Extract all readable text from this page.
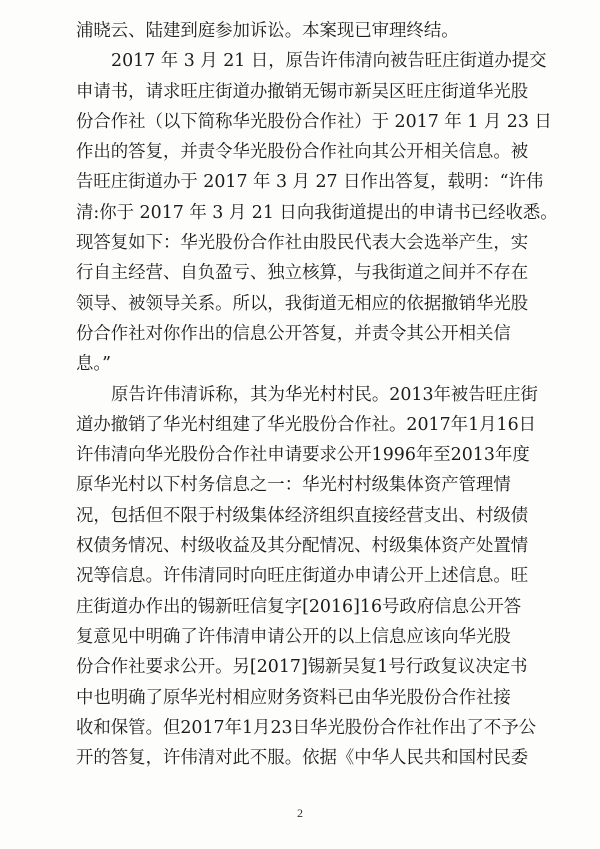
浦晓云、陆建到庭参加诉讼。本案现已审理终结。
2017 年 3 月 21 日，原告许伟清向被告旺庄街道办提交
申请书，请求旺庄街道办撤销无锡市新吴区旺庄街道华光股
份合作社（以下简称华光股份合作社）于 2017 年 1 月 23 日
作出的答复，并责令华光股份合作社向其公开相关信息。被
告旺庄街道办于 2017 年 3 月 27 日作出答复，载明：“许伟
清:你于 2017 年 3 月 21 日向我街道提出的申请书已经收悉。
现答复如下：华光股份合作社由股民代表大会选举产生，实
行自主经营、自负盈亏、独立核算，与我街道之间并不存在
领导、被领导关系。所以，我街道无相应的依据撤销华光股
份合作社对你作出的信息公开答复，并责令其公开相关信
息。”
原告许伟清诉称，其为华光村村民。2013年被告旺庄街
道办撤销了华光村组建了华光股份合作社。2017年1月16日
许伟清向华光股份合作社申请要求公开1996年至2013年度
原华光村以下村务信息之一：华光村村级集体资产管理情
况，包括但不限于村级集体经济组织直接经营支出、村级债
权债务情况、村级收益及其分配情况、村级集体资产处置情
况等信息。许伟清同时向旺庄街道办申请公开上述信息。旺
庄街道办作出的锡新旺信复字[2016]16号政府信息公开答
复意见中明确了许伟清申请公开的以上信息应该向华光股
份合作社要求公开。另[2017]锡新吴复1号行政复议决定书
中也明确了原华光村相应财务资料已由华光股份合作社接
收和保管。但2017年1月23日华光股份合作社作出了不予公
开的答复，许伟清对此不服。依据《中华人民共和国村民委
2
